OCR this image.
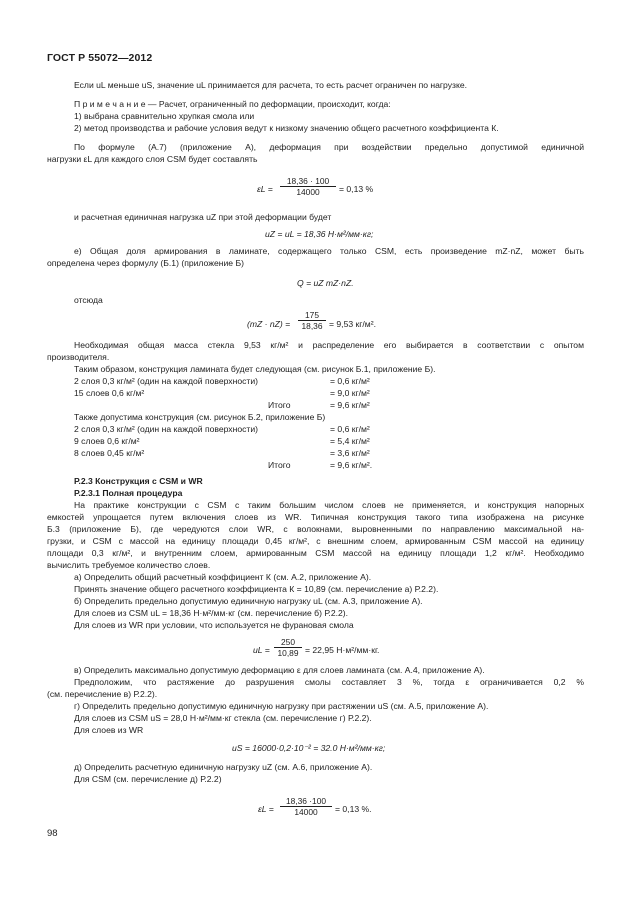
ГОСТ Р 55072—2012
Если uL меньше uS, значение uL принимается для расчета, то есть расчет ограничен по нагрузке.
П р и м е ч а н и е — Расчет, ограниченный по деформации, происходит, когда:
1) выбрана сравнительно хрупкая смола или
2) метод производства и рабочие условия ведут к низкому значению общего расчетного коэффициента К.
По формуле (А.7) (приложение А), деформация при воздействии предельно допустимой единичной
нагрузки εL для каждого слоя CSM будет составлять
$\varepsilon L = \frac{18,36 \cdot 100}{14000} = 0,13$ %
и расчетная единичная нагрузка uZ при этой деформации будет
uZ = uL = 18,36 Н·м²/мм·кг;
е) Общая доля армирования в ламинате, содержащего только CSM, есть произведение mZ·nZ, может быть
определена через формулу (Б.1) (приложение Б)
Q = uZ mZ·nZ.
отсюда
$(mZ \cdot nZ) = \frac{175}{18,36} = 9,53$ кг/м².
Необходимая общая масса стекла 9,53 кг/м² и распределение его выбирается в соответствии с опытом
производителя.
Таким образом, конструкция ламината будет следующая (см. рисунок Б.1, приложение Б).
2 слоя 0,3 кг/м² (один на каждой поверхности)	= 0,6 кг/м²
15 слоев 0,6 кг/м²	= 9,0 кг/м²
Итого	= 9,6 кг/м²
Также допустима конструкция (см. рисунок Б.2, приложение Б)
2 слоя 0,3 кг/м² (один на каждой поверхности)	= 0,6 кг/м²
9 слоев 0,6 кг/м²	= 5,4 кг/м²
8 слоев 0,45 кг/м²	= 3,6 кг/м²
Итого	= 9,6 кг/м².
Р.2.3 Конструкция с CSM и WR
Р.2.3.1 Полная процедура
На практике конструкции с CSM с таким большим числом слоев не применяется, и конструкция напорных
емкостей упрощается путем включения слоев из WR. Типичная конструкция такого типа изображена на рисунке
Б.3 (приложение Б), где чередуются слои WR, с волокнами, выровненными по направлению максимальной на-
грузки, и CSM с массой на единицу площади 0,45 кг/м², с внешним слоем, армированным CSM массой на единицу
площади 0,3 кг/м², и внутренним слоем, армированным CSM массой на единицу площади 1,2 кг/м². Необходимо
вычислить требуемое количество слоев.
а) Определить общий расчетный коэффициент К (см. А.2, приложение А).
Принять значение общего расчетного коэффициента К = 10,89 (см. перечисление а) Р.2.2).
б) Определить предельно допустимую единичную нагрузку uL (см. А.3, приложение А).
Для слоев из CSM uL = 18,36 Н·м²/мм·кг (см. перечисление б) Р.2.2).
Для слоев из WR при условии, что используется не фурановая смола
uL = $\frac{250}{10,89} = 22,95$ Н·м²/мм·кг.
в) Определить максимально допустимую деформацию ε для слоев ламината (см. А.4, приложение А).
Предположим, что растяжение до разрушения смолы составляет 3 %, тогда ε ограничивается 0,2 %
(см. перечисление в) Р.2.2).
г) Определить предельно допустимую единичную нагрузку при растяжении uS (см. А.5, приложение А).
Для слоев из CSM uS = 28,0 Н·м²/мм·кг стекла (см. перечисление г) Р.2.2).
Для слоев из WR
uS = 16000·0,2·10⁻² = 32.0 Н·м²/мм·кг;
д) Определить расчетную единичную нагрузку uZ (см. А.6, приложение А).
Для CSM (см. перечисление д) Р.2.2)
$\varepsilon L = \frac{18,36 \cdot 100}{14000} = 0,13$ %.
98
